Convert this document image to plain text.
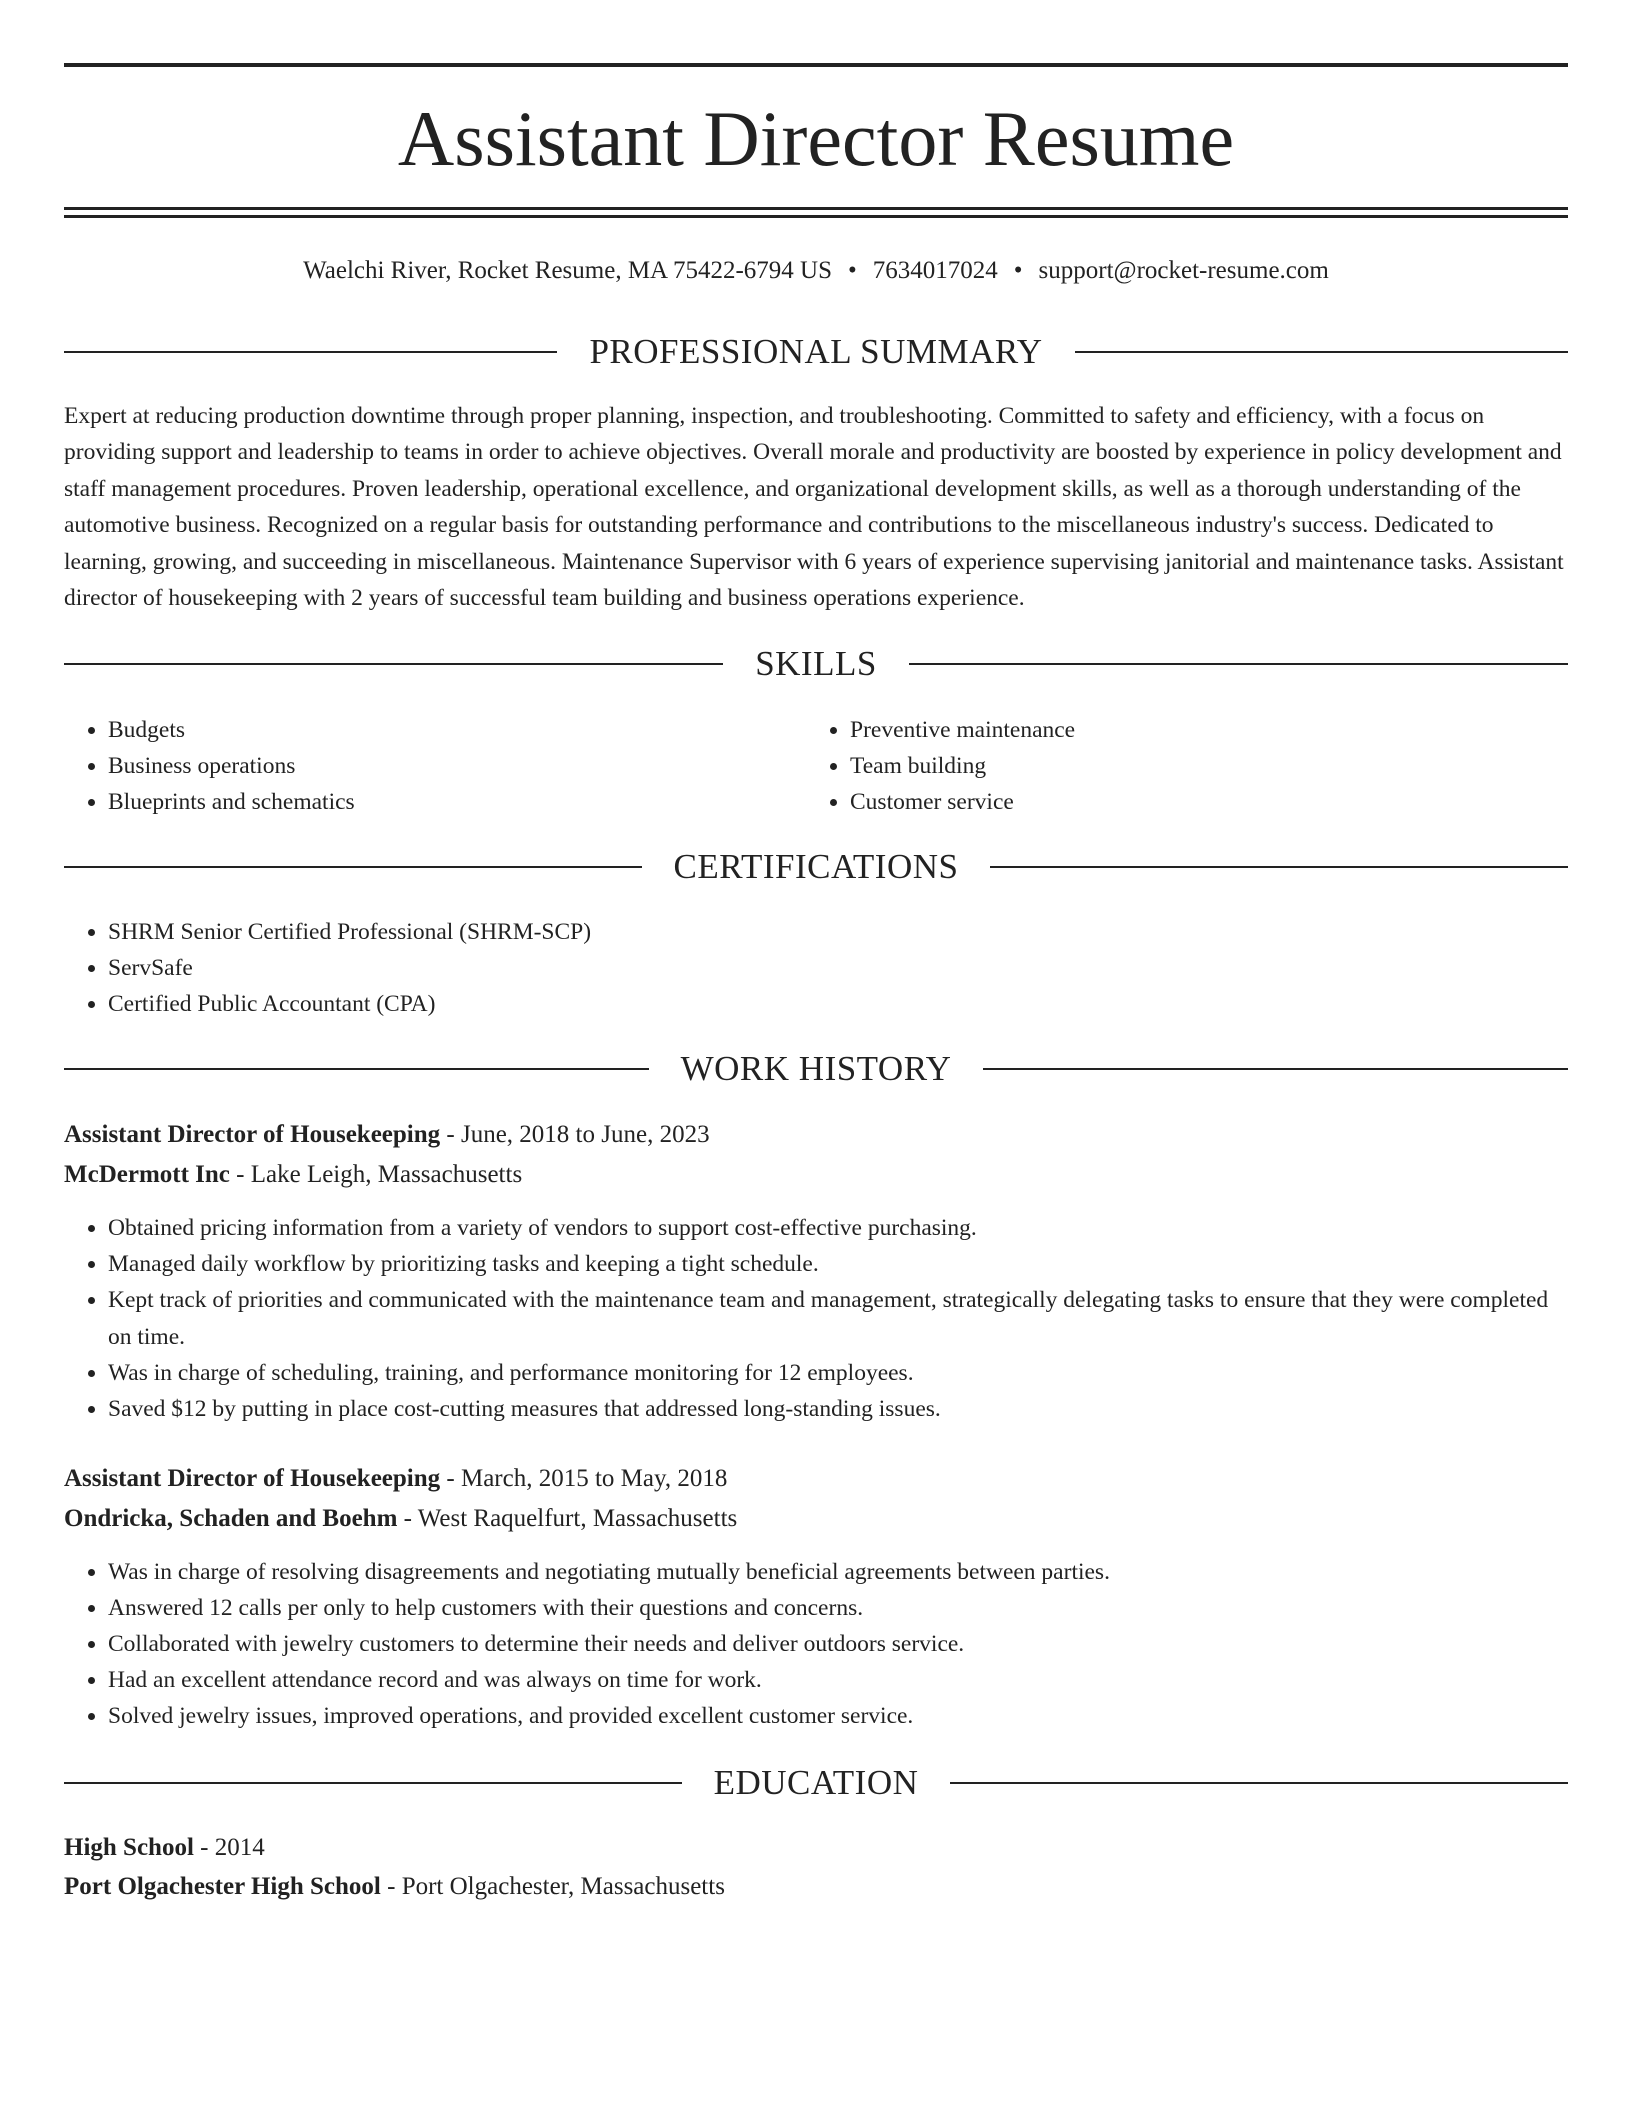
Assistant Director Resume
Waelchi River, Rocket Resume, MA 75422-6794 US • 7634017024 • support@rocket-resume.com
PROFESSIONAL SUMMARY

Expert at reducing production downtime through proper planning, inspection, and troubleshooting. Committed to safety and efficiency, with a focus on providing support and leadership to teams in order to achieve objectives. Overall morale and productivity are boosted by experience in policy development and staff management procedures. Proven leadership, operational excellence, and organizational development skills, as well as a thorough understanding of the automotive business. Recognized on a regular basis for outstanding performance and contributions to the miscellaneous industry's success. Dedicated to learning, growing, and succeeding in miscellaneous. Maintenance Supervisor with 6 years of experience supervising janitorial and maintenance tasks. Assistant director of housekeeping with 2 years of successful team building and business operations experience.

SKILLS
• Budgets
• Business operations
• Blueprints and schematics
• Preventive maintenance
• Team building
• Customer service
CERTIFICATIONS
• SHRM Senior Certified Professional (SHRM-SCP)
• ServSafe
• Certified Public Accountant (CPA)
WORK HISTORY
Assistant Director of Housekeeping - June, 2018 to June, 2023
McDermott Inc - Lake Leigh, Massachusetts
• Obtained pricing information from a variety of vendors to support cost-effective purchasing.
• Managed daily workflow by prioritizing tasks and keeping a tight schedule.
• Kept track of priorities and communicated with the maintenance team and management, strategically delegating tasks to ensure that they were completed on time.
• Was in charge of scheduling, training, and performance monitoring for 12 employees.
• Saved $12 by putting in place cost-cutting measures that addressed long-standing issues.
Assistant Director of Housekeeping - March, 2015 to May, 2018
Ondricka, Schaden and Boehm - West Raquelfurt, Massachusetts
• Was in charge of resolving disagreements and negotiating mutually beneficial agreements between parties.
• Answered 12 calls per only to help customers with their questions and concerns.
• Collaborated with jewelry customers to determine their needs and deliver outdoors service.
• Had an excellent attendance record and was always on time for work.
• Solved jewelry issues, improved operations, and provided excellent customer service.
EDUCATION
High School - 2014
Port Olgachester High School - Port Olgachester, Massachusetts
